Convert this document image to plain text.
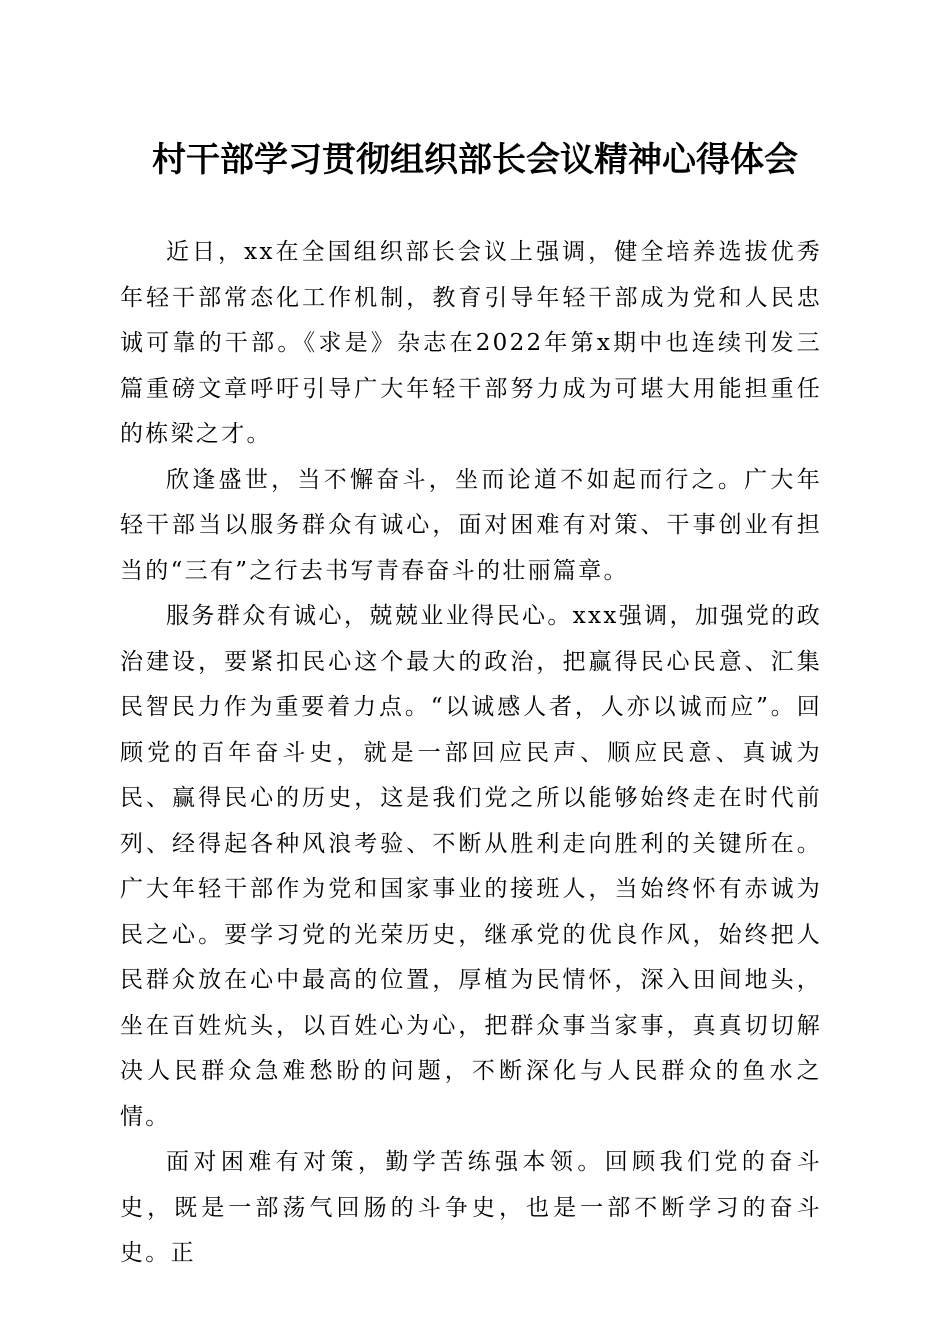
村干部学习贯彻组织部长会议精神心得体会

近日，xx在全国组织部长会议上强调，健全培养选拔优秀年轻干部常态化工作机制，教育引导年轻干部成为党和人民忠诚可靠的干部。《求是》杂志在2022年第x期中也连续刊发三篇重磅文章呼吁引导广大年轻干部努力成为可堪大用能担重任的栋梁之才。

欣逢盛世，当不懈奋斗，坐而论道不如起而行之。广大年轻干部当以服务群众有诚心，面对困难有对策、干事创业有担当的“三有”之行去书写青春奋斗的壮丽篇章。

服务群众有诚心，兢兢业业得民心。xxx强调，加强党的政治建设，要紧扣民心这个最大的政治，把赢得民心民意、汇集民智民力作为重要着力点。“以诚感人者，人亦以诚而应”。回顾党的百年奋斗史，就是一部回应民声、顺应民意、真诚为民、赢得民心的历史，这是我们党之所以能够始终走在时代前列、经得起各种风浪考验、不断从胜利走向胜利的关键所在。广大年轻干部作为党和国家事业的接班人，当始终怀有赤诚为民之心。要学习党的光荣历史，继承党的优良作风，始终把人民群众放在心中最高的位置，厚植为民情怀，深入田间地头，坐在百姓炕头，以百姓心为心，把群众事当家事，真真切切解决人民群众急难愁盼的问题，不断深化与人民群众的鱼水之情。

面对困难有对策，勤学苦练强本领。回顾我们党的奋斗史，既是一部荡气回肠的斗争史，也是一部不断学习的奋斗史。正
